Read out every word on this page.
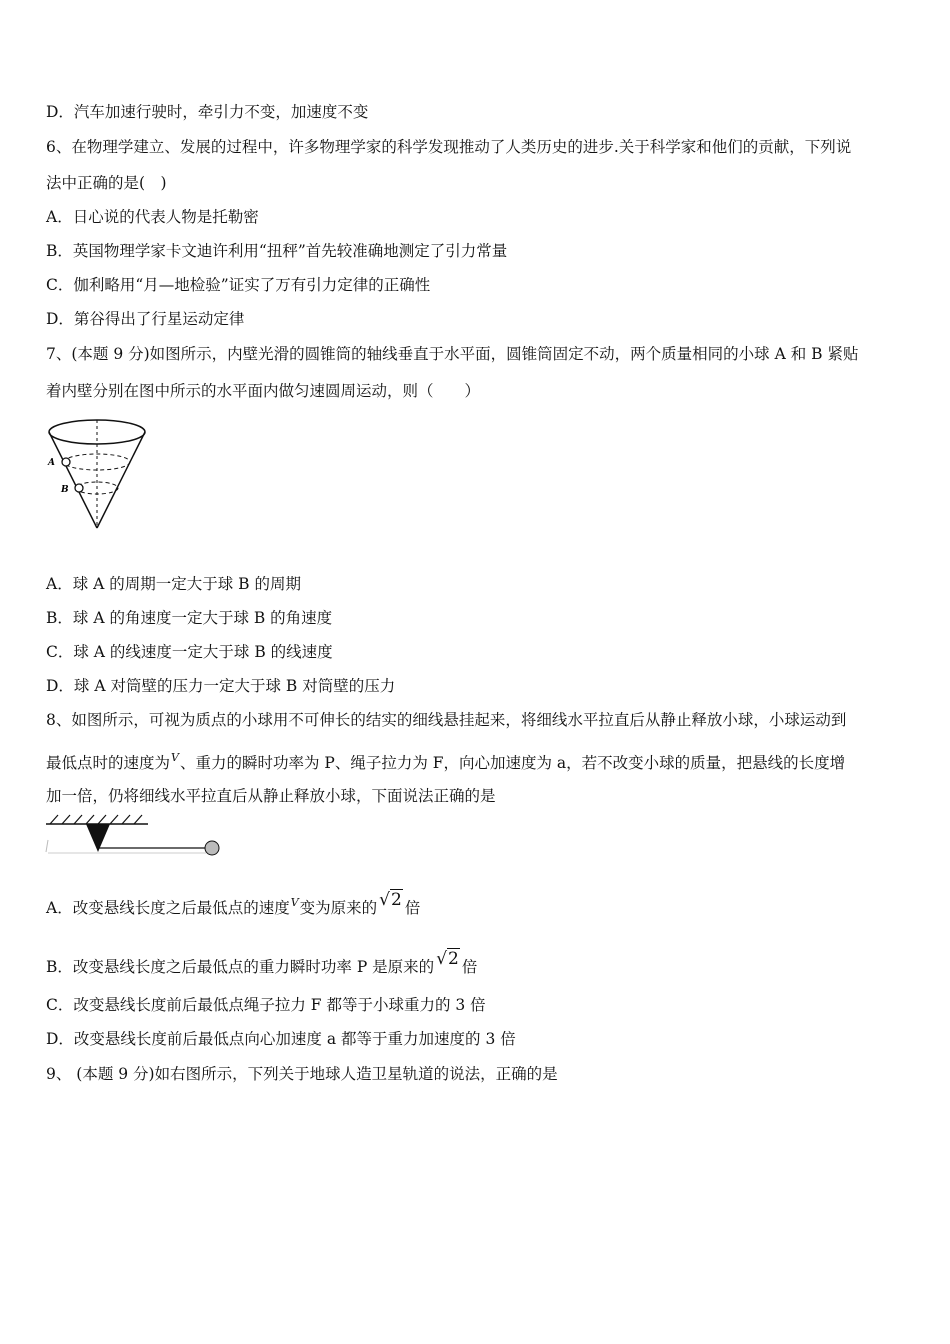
D．汽车加速行驶时，牵引力不变，加速度不变
6、在物理学建立、发展的过程中，许多物理学家的科学发现推动了人类历史的进步.关于科学家和他们的贡献，下列说
法中正确的是(　)
A．日心说的代表人物是托勒密
B．英国物理学家卡文迪许利用“扭秤”首先较准确地测定了引力常量
C．伽利略用“月—地检验”证实了万有引力定律的正确性
D．第谷得出了行星运动定律
7、(本题 9 分)如图所示，内壁光滑的圆锥筒的轴线垂直于水平面，圆锥筒固定不动，两个质量相同的小球 A 和 B 紧贴
着内壁分别在图中所示的水平面内做匀速圆周运动，则（　　）
A
B
A．球 A 的周期一定大于球 B 的周期
B．球 A 的角速度一定大于球 B 的角速度
C．球 A 的线速度一定大于球 B 的线速度
D．球 A 对筒壁的压力一定大于球 B 对筒壁的压力
8、如图所示，可视为质点的小球用不可伸长的结实的细线悬挂起来，将细线水平拉直后从静止释放小球，小球运动到
最低点时的速度为$^V$、重力的瞬时功率为 P、绳子拉力为 F，向心加速度为 a，若不改变小球的质量，把悬线的长度增
加一倍，仍将细线水平拉直后从静止释放小球，下面说法正确的是
A．改变悬线长度之后最低点的速度$^V$变为原来的 √2 倍
B．改变悬线长度之后最低点的重力瞬时功率 P 是原来的 √2 倍
C．改变悬线长度前后最低点绳子拉力 F 都等于小球重力的 3 倍
D．改变悬线长度前后最低点向心加速度 a 都等于重力加速度的 3 倍
9、 (本题 9 分)如右图所示，下列关于地球人造卫星轨道的说法，正确的是
